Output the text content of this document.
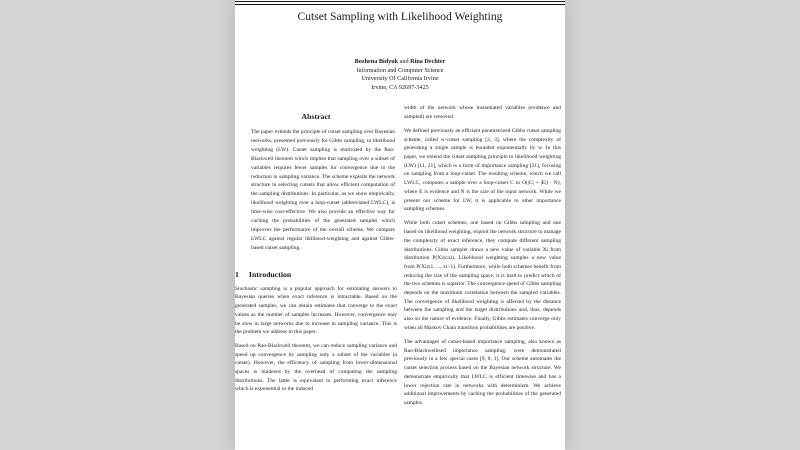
Cutset Sampling with Likelihood Weighting
Bozhena Bidyuk and Rina Dechter
Information and Computer Science
University Of California Irvine
Irvine, CA 92697-3425
Abstract

The paper extends the principle of cutset sampling over Bayesian networks, presented previously for Gibbs sampling, to likelihood weighting (LW). Cutset sampling is motivated by the Rao-Blackwell theorem which implies that sampling over a subset of variables requires fewer samples for convergence due to the reduction in sampling variance. The scheme exploits the network structure in selecting cutsets that allow efficient computation of the sampling distributions. In particular, as we show empirically, likelihood weighting over a loop-cutset (abbreviated LWLC), is time-wise cost-effective. We also provide an effective way for caching the probabilities of the generated samples which improves the performance of the overall scheme. We compare LWLC against regular liklihood-weighting and against Gibbs-based cutset sampling.

1 Introduction

Stochastic sampling is a popular approach for estimating answers to Bayesian queries when exact inference is intractable. Based on the generated samples, we can obtain estimates that converge to the exact values as the number of samples increases. However, convergence may be slow in large networks due to increase in sampling variance. This is the problem we address in this paper.

Based on Rao-Blackwell theorem, we can reduce sampling variance and speed up convergence by sampling only a subset of the variables (a cutset). However, the efficiency of sampling from lower-dimensional spaces is hindered by the overhead of computing the sampling distributions. The latter is equivalent to performing exact inference which is exponential in the induced

width of the network whose instantiated variables (evidence and sampled) are removed.

We defined previously an efficient parametrized Gibbs cutset sampling scheme, called w-cutset sampling [2, 3], where the complexity of generating a single sample is bounded exponentially by w. In this paper, we extend the cutset sampling principle to likelihood weighting (LW) [11, 21], which is a form of importance sampling [21], focusing on sampling from a loop-cutset. The resulting scheme, which we call LWLC, computes a sample over a loop-cutset C in O(|C| + |E|) · N), where E is evidence and N is the size of the input network. While we present our scheme for LW, it is applicable to other importance sampling schemes.

While both cutset schemes, one based on Gibbs sampling and one based on likelihood weighting, exploit the network structure to manage the complexity of exact inference, they compute different sampling distributions. Gibbs sampler draws a new value of variable Xi from distribution P(Xi|x\xi). Likelihood weighting samples a new value from P(Xi|x1, ..., xi−1). Furthermore, while both schemes benefit from reducing the size of the sampling space, it is hard to predict which of the two schemes is superior. The convergence speed of Gibbs sampling depends on the maximum correlation between the sampled variables. The convergence of likelihood weighting is affected by the distance between the sampling and the target distributions and, thus, depends also on the nature of evidence. Finally, Gibbs estimates converge only when all Markov Chain transition probabilities are positive.

The advantages of cutset-based importance sampling, also known as Rao-Blackwellised importance sampling, were demonstrated previously in a few special cases [9, 8, 1]. Our scheme automates the cutset selection process based on the Bayesian network structure. We demonstrate empirically that LWLC is efficient timewise and has a lower rejection rate in networks with determinism. We achieve additional improvements by caching the probabilities of the generated samples.
